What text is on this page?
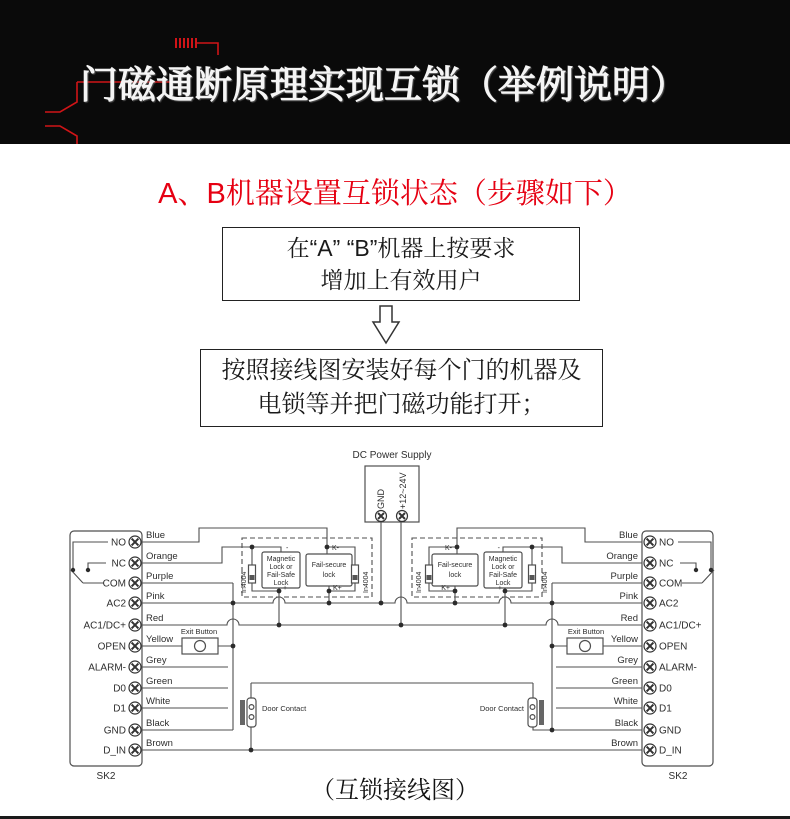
门磁通断原理实现互锁（举例说明）
A、B机器设置互锁状态（步骤如下）
在“A” “B”机器上按要求
增加上有效用户
按照接线图安装好每个门的机器及
电锁等并把门磁功能打开；
DC Power Supply
GND +12~24V
SK2	SK2
Door Contact	Door Contact
Exit Button	Exit Button
Magnetic
Lock or
Fail-Safe
Lock
Fail-secure
lock
In4004	In4004
-
+
K-
K+
Fail-secure
lock
Magnetic
Lock or
Fail-Safe
Lock
In4004	In4004
K-
K+
-
+
NO	NO
Blue	Blue
NC	NC
Orange	Orange
COM	COM
Purple	Purple
AC2	AC2
Pink	Pink
AC1/DC+	AC1/DC+
Red	Red
OPEN	OPEN
Yellow	Yellow
ALARM-	ALARM-
Grey	Grey
D0	D0
Green	Green
D1	D1
White	White
GND	GND
Black	Black
D_IN	D_IN
Brown	Brown
（互锁接线图）
